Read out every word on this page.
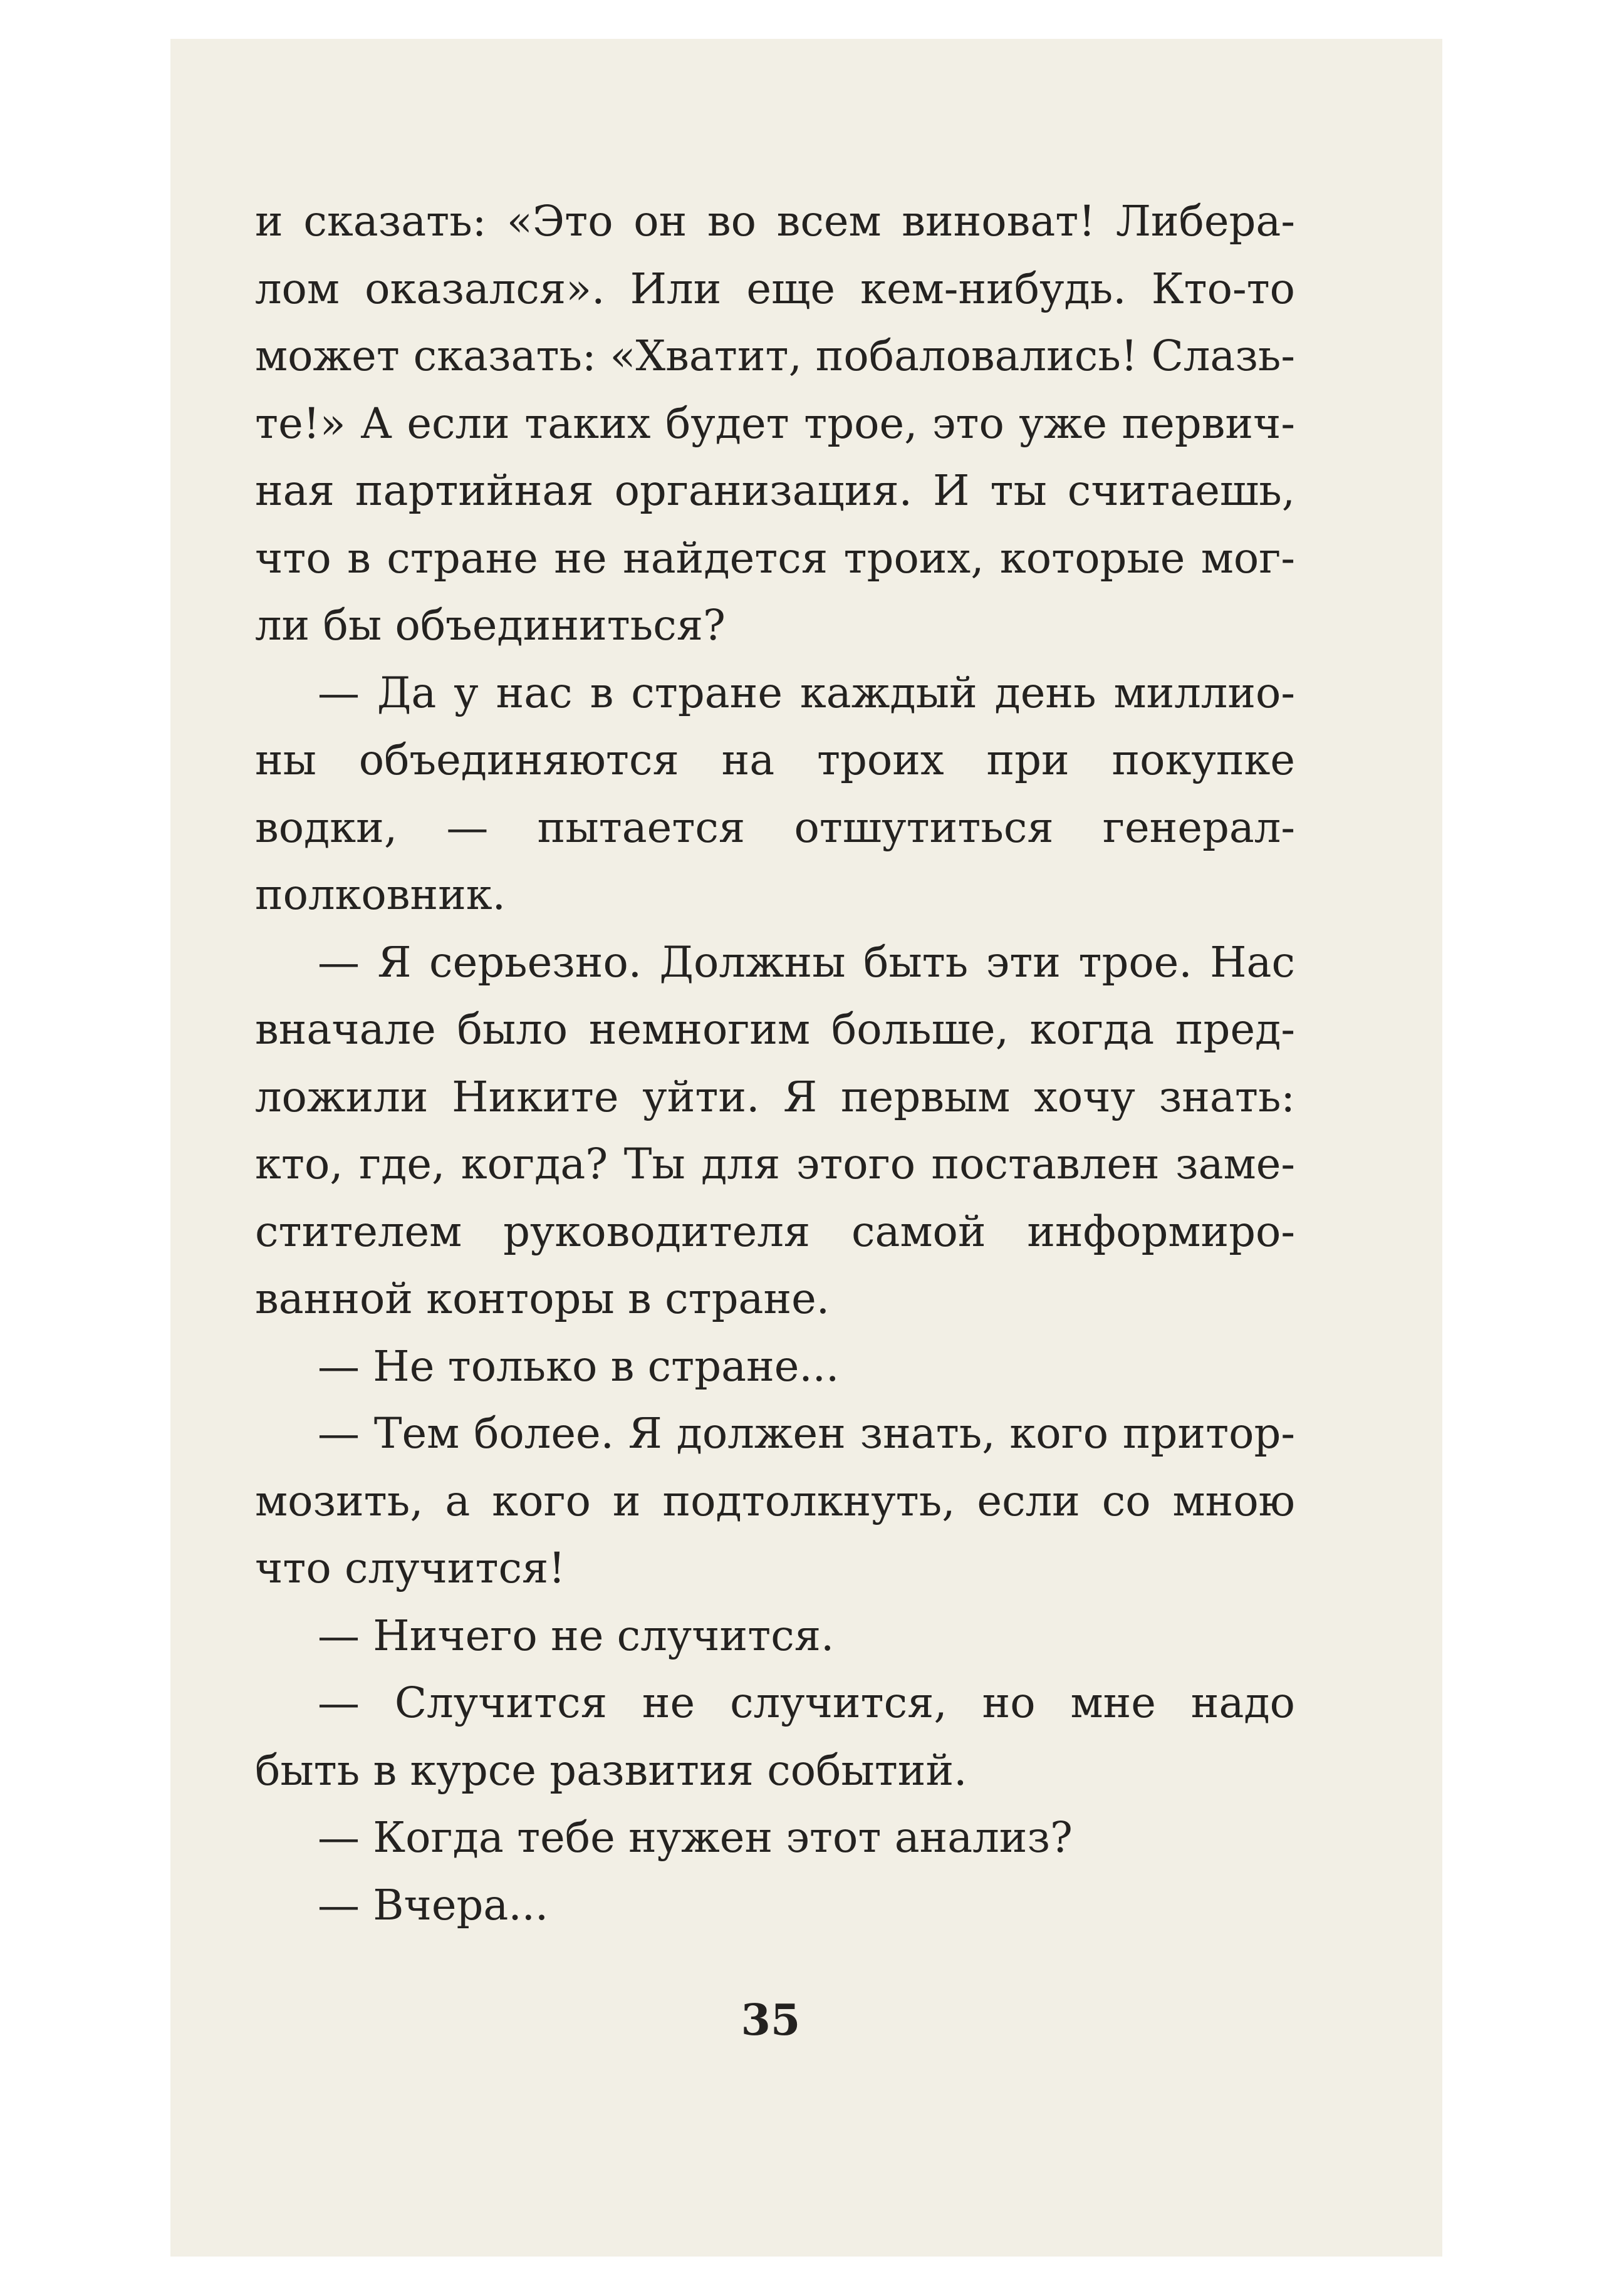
и сказать: «Это он во всем виноват! Либера-

лом оказался». Или еще кем-нибудь. Кто-то

может сказать: «Хватит, побаловались! Слазь-

те!» А если таких будет трое, это уже первич-

ная партийная организация. И ты считаешь,

что в стране не найдется троих, которые мог-

ли бы объединиться?

— Да у нас в стране каждый день миллио-

ны объединяются на троих при покупке

водки, — пытается отшутиться генерал-

полковник.

— Я серьезно. Должны быть эти трое. Нас

вначале было немногим больше, когда пред-

ложили Никите уйти. Я первым хочу знать:

кто, где, когда? Ты для этого поставлен заме-

стителем руководителя самой информиро-

ванной конторы в стране.

— Не только в стране...

— Тем более. Я должен знать, кого притор-

мозить, а кого и подтолкнуть, если со мною

что случится!

— Ничего не случится.

— Случится не случится, но мне надо

быть в курсе развития событий.

— Когда тебе нужен этот анализ?

— Вчера...

35
